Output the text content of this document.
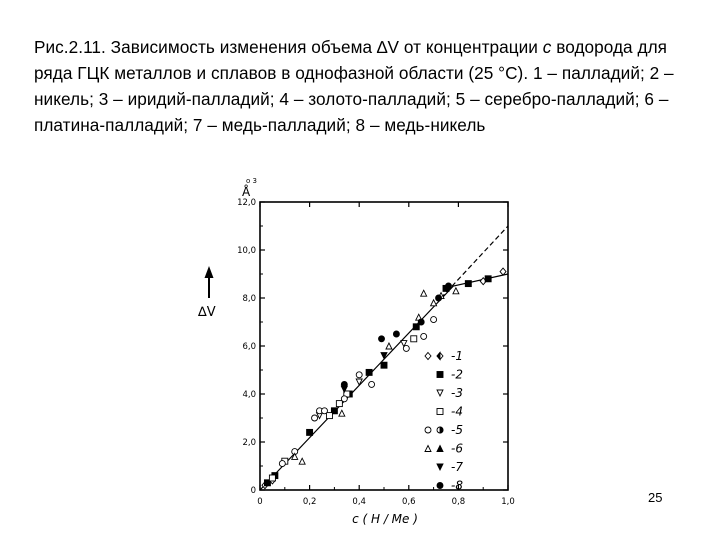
Рис.2.11. Зависимость изменения объема ∆V от концентрации с водорода для ряда ГЦК металлов и сплавов в однофазной области (25 °С). 1 – палладий; 2 – никель; 3 – иридий-палладий; 4 – золото-палладий; 5 – серебро-палладий; 6 – платина-палладий; 7 – медь-палладий; 8 – медь-никель
0	0,2	0,4	0,6	0,8	1,0
0
2,0
4,0
6,0
8,0
10,0
12,0
-1
-2
-3
-4
-5
-6
-7
-8
о 3
Å
∆V
с ( Н / Ме )
25
